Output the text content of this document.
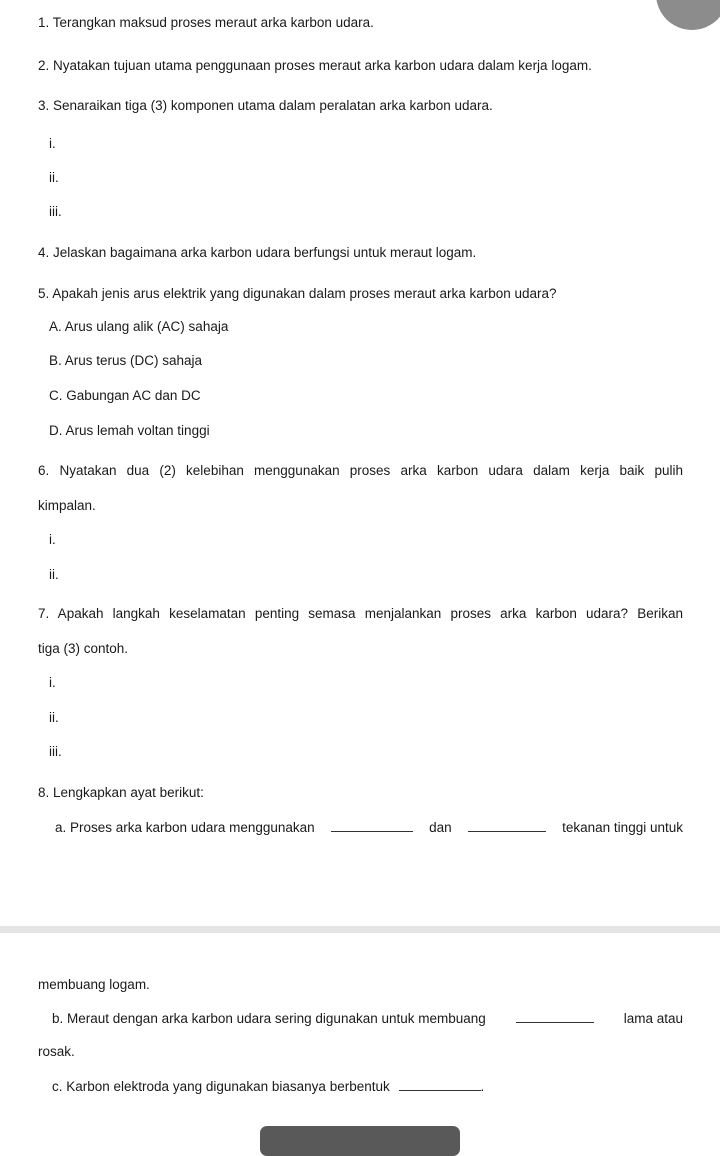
1. Terangkan maksud proses meraut arka karbon udara.
2. Nyatakan tujuan utama penggunaan proses meraut arka karbon udara dalam kerja logam.
3. Senaraikan tiga (3) komponen utama dalam peralatan arka karbon udara.
i.
ii.
iii.
4. Jelaskan bagaimana arka karbon udara berfungsi untuk meraut logam.
5. Apakah jenis arus elektrik yang digunakan dalam proses meraut arka karbon udara?
A. Arus ulang alik (AC) sahaja
B. Arus terus (DC) sahaja
C. Gabungan AC dan DC
D. Arus lemah voltan tinggi
6. Nyatakan dua (2) kelebihan menggunakan proses arka karbon udara dalam kerja baik pulih
kimpalan.
i.
ii.
7. Apakah langkah keselamatan penting semasa menjalankan proses arka karbon udara? Berikan
tiga (3) contoh.
i.
ii.
iii.
8. Lengkapkan ayat berikut:
a. Proses arka karbon udara menggunakan	dan	tekanan tinggi untuk
membuang logam.
b. Meraut dengan arka karbon udara sering digunakan untuk membuang	lama atau
rosak.
c. Karbon elektroda yang digunakan biasanya berbentuk	.
